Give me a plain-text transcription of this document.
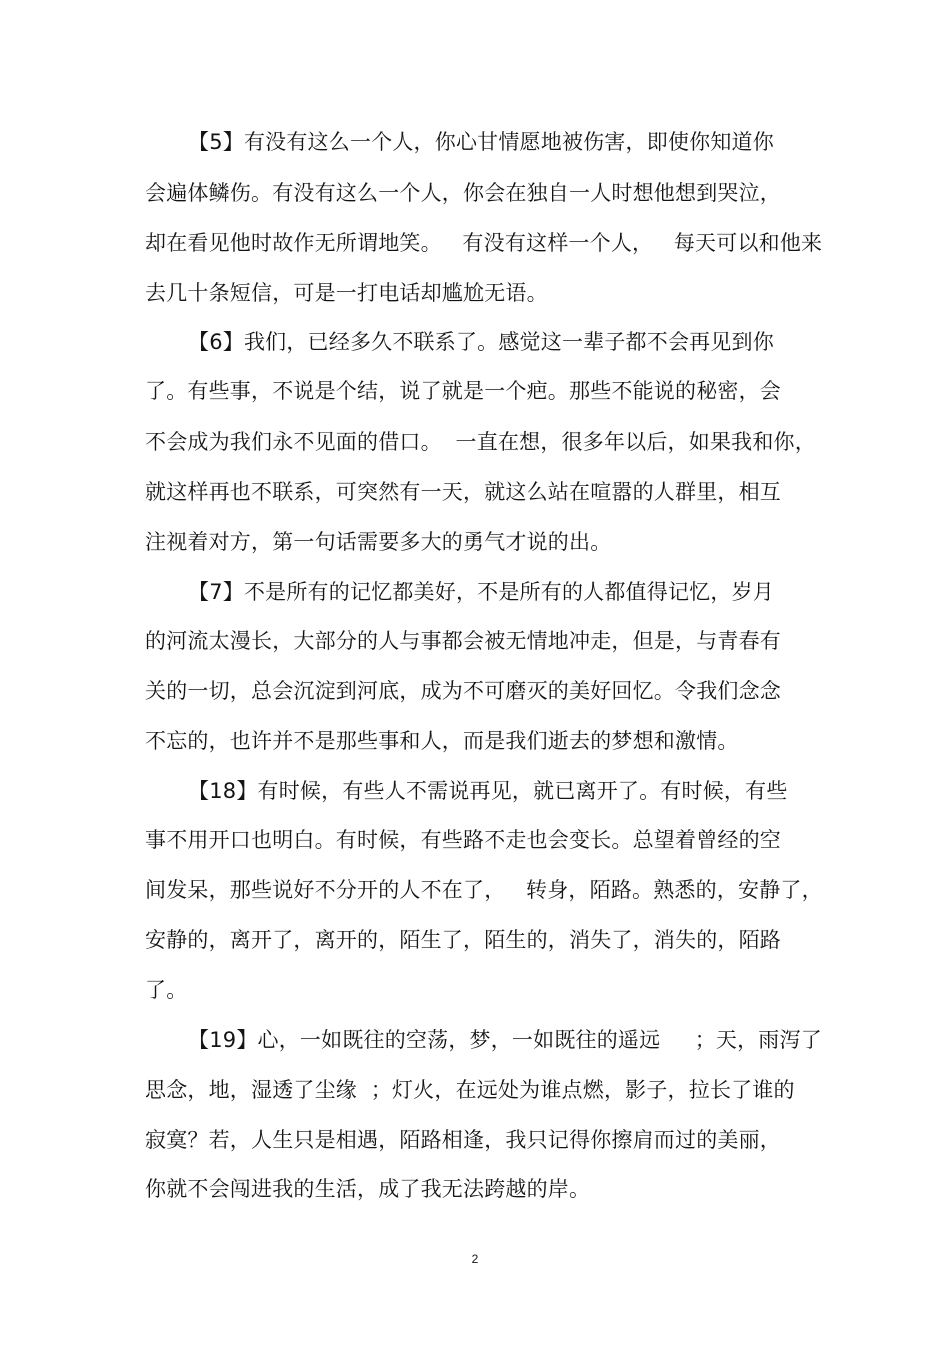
【5】有没有这么一个人，你心甘情愿地被伤害，即使你知道你
会遍体鳞伤。有没有这么一个人，你会在独自一人时想他想到哭泣，
却在看见他时故作无所谓地笑。   有没有这样一个人，   每天可以和他来
去几十条短信，可是一打电话却尴尬无语。
【6】我们，已经多久不联系了。感觉这一辈子都不会再见到你
了。有些事，不说是个结，说了就是一个疤。那些不能说的秘密，会
不会成为我们永不见面的借口。  一直在想，很多年以后，如果我和你，
就这样再也不联系，可突然有一天，就这么站在喧嚣的人群里，相互
注视着对方，第一句话需要多大的勇气才说的出。
【7】不是所有的记忆都美好，不是所有的人都值得记忆，岁月
的河流太漫长，大部分的人与事都会被无情地冲走，但是，与青春有
关的一切，总会沉淀到河底，成为不可磨灭的美好回忆。令我们念念
不忘的，也许并不是那些事和人，而是我们逝去的梦想和激情。
【18】有时候，有些人不需说再见，就已离开了。有时候，有些
事不用开口也明白。有时候，有些路不走也会变长。总望着曾经的空
间发呆，那些说好不分开的人不在了，   转身，陌路。熟悉的，安静了，
安静的，离开了，离开的，陌生了，陌生的，消失了，消失的，陌路
了。
【19】心，一如既往的空荡，梦，一如既往的遥远     ；天，雨泻了
思念，地，湿透了尘缘  ；灯火，在远处为谁点燃，影子，拉长了谁的
寂寞？若，人生只是相遇，陌路相逢，我只记得你擦肩而过的美丽，
你就不会闯进我的生活，成了我无法跨越的岸。
2
